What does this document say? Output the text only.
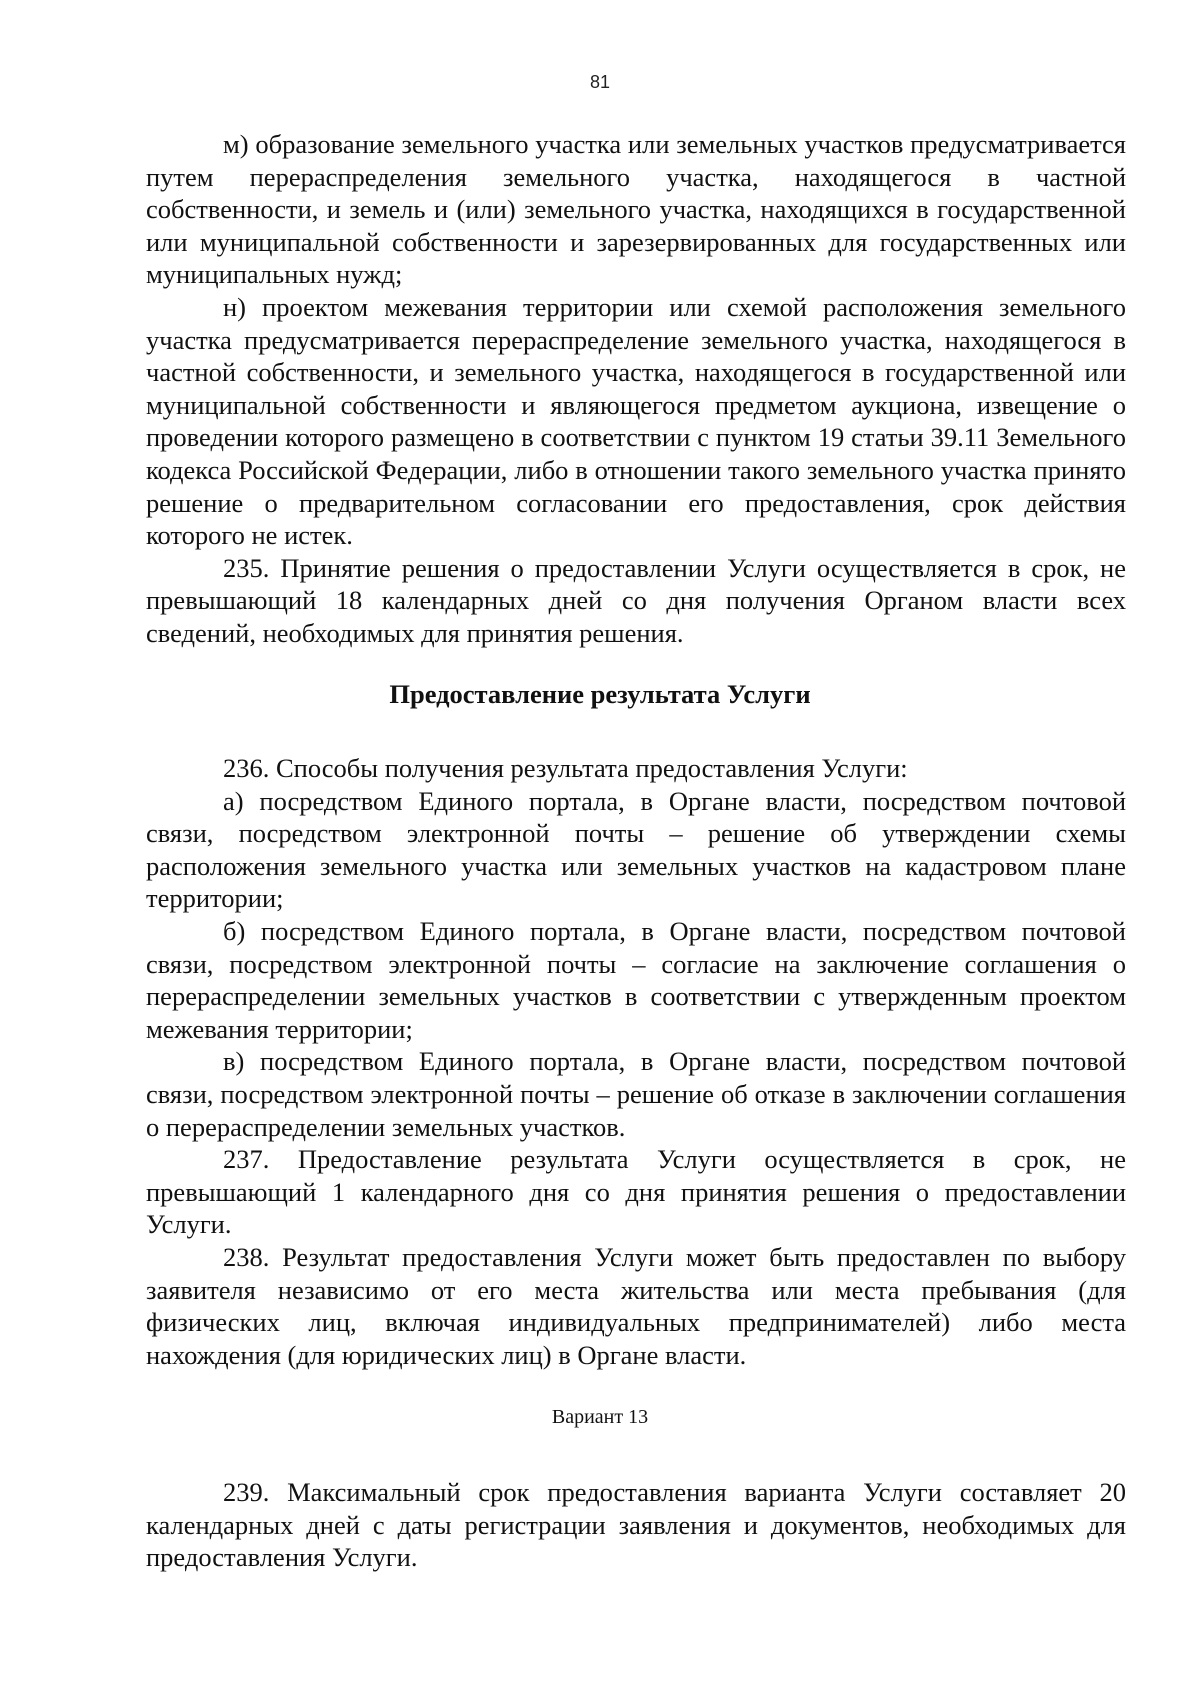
81

м) образование земельного участка или земельных участков предусматривается путем перераспределения земельного участка, находящегося в частной собственности, и земель и (или) земельного участка, находящихся в государственной или муниципальной собственности и зарезервированных для государственных или муниципальных нужд;

н) проектом межевания территории или схемой расположения земельного участка предусматривается перераспределение земельного участка, находящегося в частной собственности, и земельного участка, находящегося в государственной или муниципальной собственности и являющегося предметом аукциона, извещение о проведении которого размещено в соответствии с пунктом 19 статьи 39.11 Земельного кодекса Российской Федерации, либо в отношении такого земельного участка принято решение о предварительном согласовании его предоставления, срок действия которого не истек.

235. Принятие решения о предоставлении Услуги осуществляется в срок, не превышающий 18 календарных дней со дня получения Органом власти всех сведений, необходимых для принятия решения.

Предоставление результата Услуги

236. Способы получения результата предоставления Услуги:

а) посредством Единого портала, в Органе власти, посредством почтовой связи, посредством электронной почты – решение об утверждении схемы расположения земельного участка или земельных участков на кадастровом плане территории;

б) посредством Единого портала, в Органе власти, посредством почтовой связи, посредством электронной почты – согласие на заключение соглашения о перераспределении земельных участков в соответствии с утвержденным проектом межевания территории;

в) посредством Единого портала, в Органе власти, посредством почтовой связи, посредством электронной почты – решение об отказе в заключении соглашения о перераспределении земельных участков.

237. Предоставление результата Услуги осуществляется в срок, не превышающий 1 календарного дня со дня принятия решения о предоставлении Услуги.

238. Результат предоставления Услуги может быть предоставлен по выбору заявителя независимо от его места жительства или места пребывания (для физических лиц, включая индивидуальных предпринимателей) либо места нахождения (для юридических лиц) в Органе власти.

Вариант 13

239. Максимальный срок предоставления варианта Услуги составляет 20 календарных дней с даты регистрации заявления и документов, необходимых для предоставления Услуги.
